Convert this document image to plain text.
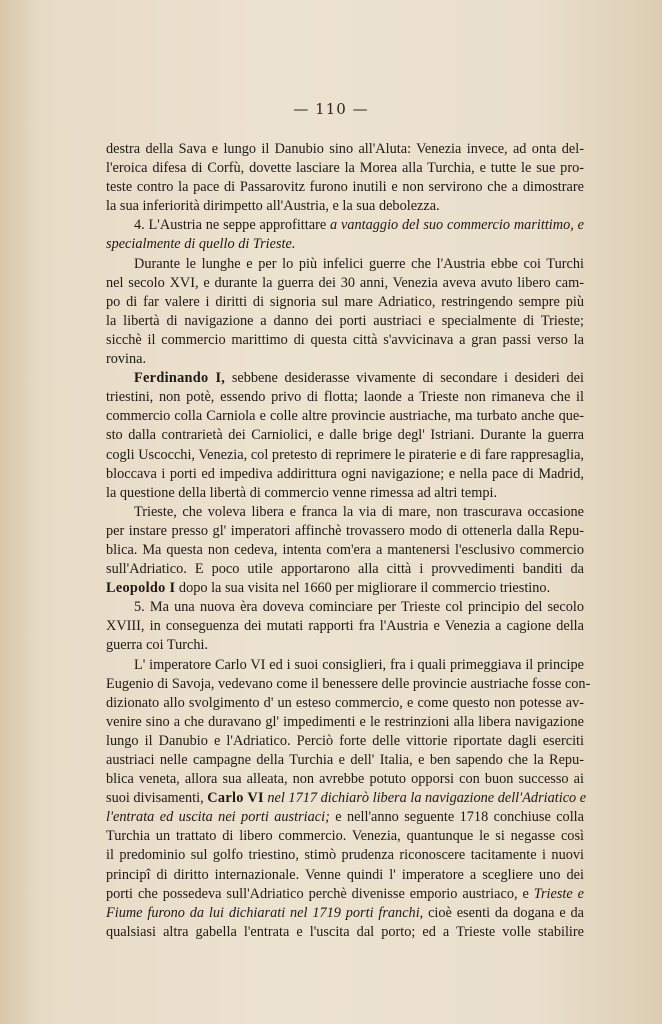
— 110 —
destra della Sava e lungo il Danubio sino all'Aluta: Venezia invece, ad onta del-
l'eroica difesa di Corfù, dovette lasciare la Morea alla Turchia, e tutte le sue pro-
teste contro la pace di Passarovitz furono inutili e non servirono che a dimostrare
la sua inferiorità dirimpetto all'Austria, e la sua debolezza.
4. L'Austria ne seppe approfittare a vantaggio del suo commercio marittimo, e
specialmente di quello di Trieste.
Durante le lunghe e per lo più infelici guerre che l'Austria ebbe coi Turchi
nel secolo XVI, e durante la guerra dei 30 anni, Venezia aveva avuto libero cam-
po di far valere i diritti di signoria sul mare Adriatico, restringendo sempre più
la libertà di navigazione a danno dei porti austriaci e specialmente di Trieste;
sicchè il commercio marittimo di questa città s'avvicinava a gran passi verso la
rovina.
Ferdinando I, sebbene desiderasse vivamente di secondare i desideri dei
triestini, non potè, essendo privo di flotta; laonde a Trieste non rimaneva che il
commercio colla Carniola e colle altre provincie austriache, ma turbato anche que-
sto dalla contrarietà dei Carniolici, e dalle brige degl' Istriani. Durante la guerra
cogli Uscocchi, Venezia, col pretesto di reprimere le piraterie e di fare rappresaglia,
bloccava i porti ed impediva addirittura ogni navigazione; e nella pace di Madrid,
la questione della libertà di commercio venne rimessa ad altri tempi.
Trieste, che voleva libera e franca la via di mare, non trascurava occasione
per instare presso gl' imperatori affinchè trovassero modo di ottenerla dalla Repu-
blica. Ma questa non cedeva, intenta com'era a mantenersi l'esclusivo commercio
sull'Adriatico. E poco utile apportarono alla città i provvedimenti banditi da
Leopoldo I dopo la sua visita nel 1660 per migliorare il commercio triestino.
5. Ma una nuova èra doveva cominciare per Trieste col principio del secolo
XVIII, in conseguenza dei mutati rapporti fra l'Austria e Venezia a cagione della
guerra coi Turchi.
L' imperatore Carlo VI ed i suoi consiglieri, fra i quali primeggiava il principe
Eugenio di Savoja, vedevano come il benessere delle provincie austriache fosse con-
dizionato allo svolgimento d' un esteso commercio, e come questo non potesse av-
venire sino a che duravano gl' impedimenti e le restrinzioni alla libera navigazione
lungo il Danubio e l'Adriatico. Perciò forte delle vittorie riportate dagli eserciti
austriaci nelle campagne della Turchia e dell' Italia, e ben sapendo che la Repu-
blica veneta, allora sua alleata, non avrebbe potuto opporsi con buon successo ai
suoi divisamenti, Carlo VI nel 1717 dichiarò libera la navigazione dell'Adriatico e
l'entrata ed uscita nei porti austriaci; e nell'anno seguente 1718 conchiuse colla
Turchia un trattato di libero commercio. Venezia, quantunque le si negasse così
il predominio sul golfo triestino, stimò prudenza riconoscere tacitamente i nuovi
principî di diritto internazionale. Venne quindi l' imperatore a scegliere uno dei
porti che possedeva sull'Adriatico perchè divenisse emporio austriaco, e Trieste e
Fiume furono da lui dichiarati nel 1719 porti franchi, cioè esenti da dogana e da
qualsiasi altra gabella l'entrata e l'uscita dal porto; ed a Trieste volle stabilire
